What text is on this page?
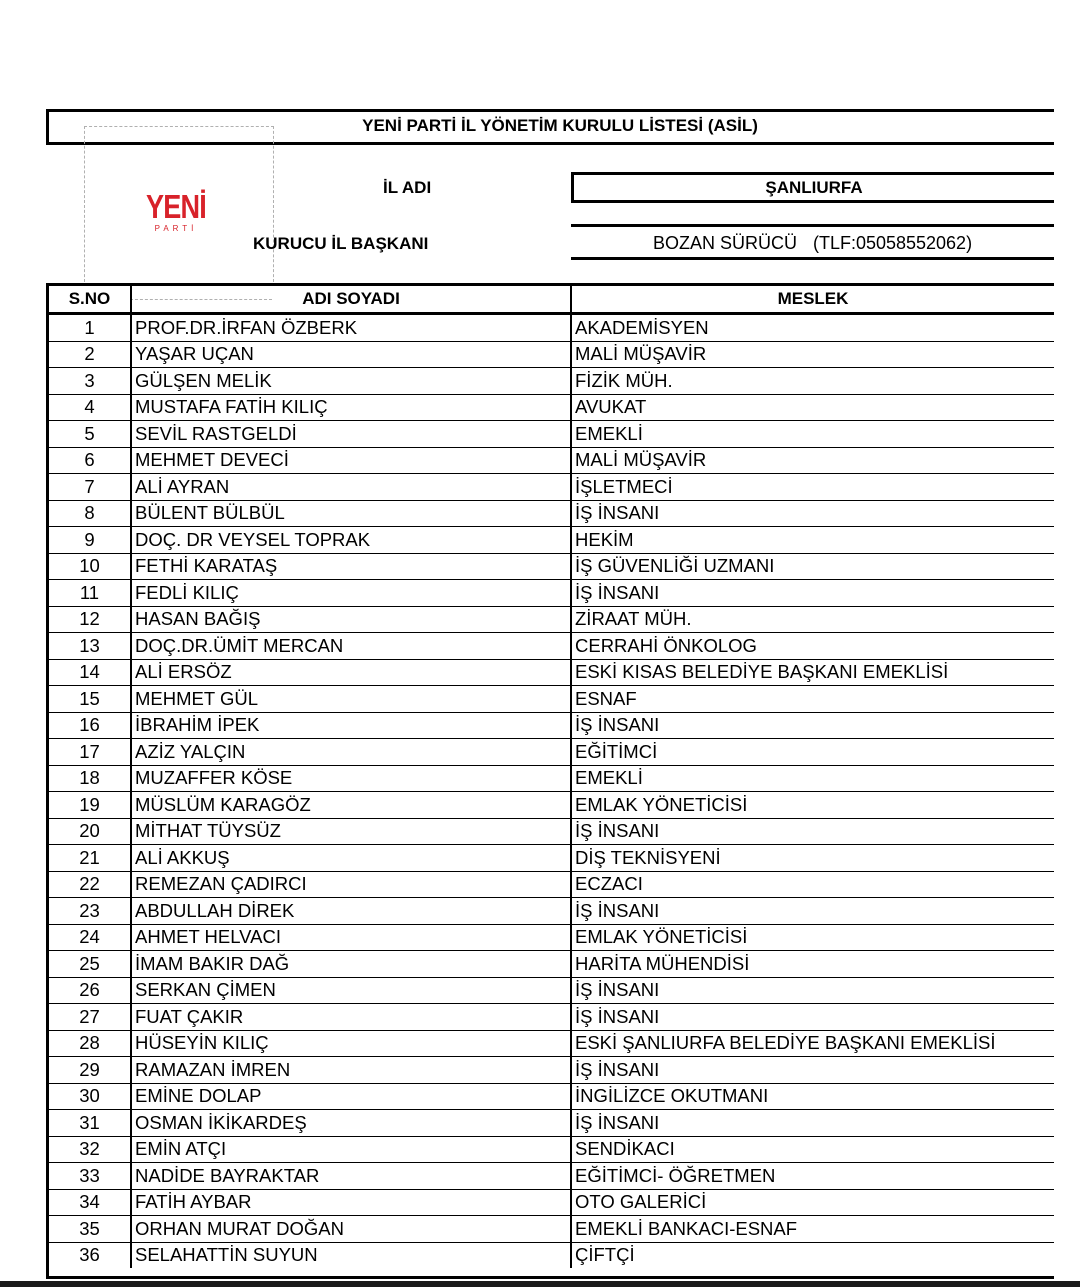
YENİ PARTİ İL YÖNETİM KURULU LİSTESİ (ASİL)
YENİ
PARTİ
İL ADI	ŞANLIURFA
KURUCU İL BAŞKANI	BOZAN SÜRÜCÜ (TLF:05058552062)
S.NO	ADI SOYADI	MESLEK
1	PROF.DR.İRFAN ÖZBERK	AKADEMİSYEN
2	YAŞAR UÇAN	MALİ MÜŞAVİR
3	GÜLŞEN MELİK	FİZİK MÜH.
4	MUSTAFA FATİH KILIÇ	AVUKAT
5	SEVİL RASTGELDİ	EMEKLİ
6	MEHMET DEVECİ	MALİ MÜŞAVİR
7	ALİ AYRAN	İŞLETMECİ
8	BÜLENT BÜLBÜL	İŞ İNSANI
9	DOÇ. DR VEYSEL TOPRAK	HEKİM
10	FETHİ KARATAŞ	İŞ GÜVENLİĞİ UZMANI
11	FEDLİ KILIÇ	İŞ İNSANI
12	HASAN BAĞIŞ	ZİRAAT MÜH.
13	DOÇ.DR.ÜMİT MERCAN	CERRAHİ ÖNKOLOG
14	ALİ ERSÖZ	ESKİ KISAS BELEDİYE BAŞKANI EMEKLİSİ
15	MEHMET GÜL	ESNAF
16	İBRAHİM İPEK	İŞ İNSANI
17	AZİZ YALÇIN	EĞİTİMCİ
18	MUZAFFER KÖSE	EMEKLİ
19	MÜSLÜM KARAGÖZ	EMLAK YÖNETİCİSİ
20	MİTHAT TÜYSÜZ	İŞ İNSANI
21	ALİ AKKUŞ	DİŞ TEKNİSYENİ
22	REMEZAN ÇADIRCI	ECZACI
23	ABDULLAH DİREK	İŞ İNSANI
24	AHMET HELVACI	EMLAK YÖNETİCİSİ
25	İMAM BAKIR DAĞ	HARİTA MÜHENDİSİ
26	SERKAN ÇİMEN	İŞ İNSANI
27	FUAT ÇAKIR	İŞ İNSANI
28	HÜSEYİN KILIÇ	ESKİ ŞANLIURFA BELEDİYE BAŞKANI EMEKLİSİ
29	RAMAZAN İMREN	İŞ İNSANI
30	EMİNE DOLAP	İNGİLİZCE OKUTMANI
31	OSMAN İKİKARDEŞ	İŞ İNSANI
32	EMİN ATÇI	SENDİKACI
33	NADİDE BAYRAKTAR	EĞİTİMCİ- ÖĞRETMEN
34	FATİH AYBAR	OTO GALERİCİ
35	ORHAN MURAT DOĞAN	EMEKLİ BANKACI-ESNAF
36	SELAHATTİN SUYUN	ÇİFTÇİ
